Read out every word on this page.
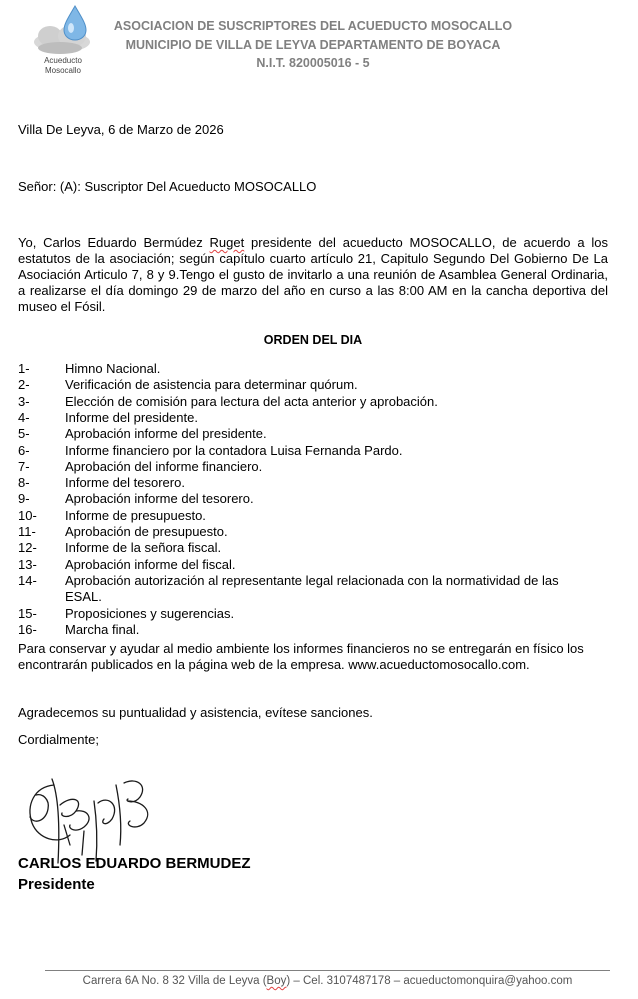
Acueducto
Mosocallo
ASOCIACION DE SUSCRIPTORES DEL ACUEDUCTO MOSOCALLO
MUNICIPIO DE VILLA DE LEYVA DEPARTAMENTO DE BOYACA
N.I.T. 820005016 - 5
Villa De Leyva, 6 de Marzo de 2026
Señor: (A): Suscriptor Del Acueducto MOSOCALLO
Yo, Carlos Eduardo Bermúdez Ruget presidente del acueducto MOSOCALLO, de acuerdo a los estatutos de la asociación; según capítulo cuarto artículo 21, Capitulo Segundo Del Gobierno De La Asociación Articulo 7, 8 y 9.Tengo el gusto de invitarlo a una reunión de Asamblea General Ordinaria, a realizarse el día domingo 29 de marzo del año en curso a las 8:00 AM en la cancha deportiva del museo el Fósil.
ORDEN DEL DIA
1-	Himno Nacional.
2-	Verificación de asistencia para determinar quórum.
3-	Elección de comisión para lectura del acta anterior y aprobación.
4-	Informe del presidente.
5-	Aprobación informe del presidente.
6-	Informe financiero por la contadora Luisa Fernanda Pardo.
7-	Aprobación del informe financiero.
8-	Informe del tesorero.
9-	Aprobación informe del tesorero.
10-	Informe de presupuesto.
11-	Aprobación de presupuesto.
12-	Informe de la señora fiscal.
13-	Aprobación informe del fiscal.
14-	Aprobación autorización al representante legal relacionada con la normatividad de las ESAL.
15-	Proposiciones y sugerencias.
16-	Marcha final.
Para conservar y ayudar al medio ambiente los informes financieros no se entregarán en físico los encontrarán publicados en la página web de la empresa. www.acueductomosocallo.com.
Agradecemos su puntualidad y asistencia, evítese sanciones.
Cordialmente;
CARLOS EDUARDO BERMUDEZ
Presidente
Carrera 6A No. 8 32 Villa de Leyva (Boy) – Cel. 3107487178 – acueductomonquira@yahoo.com
